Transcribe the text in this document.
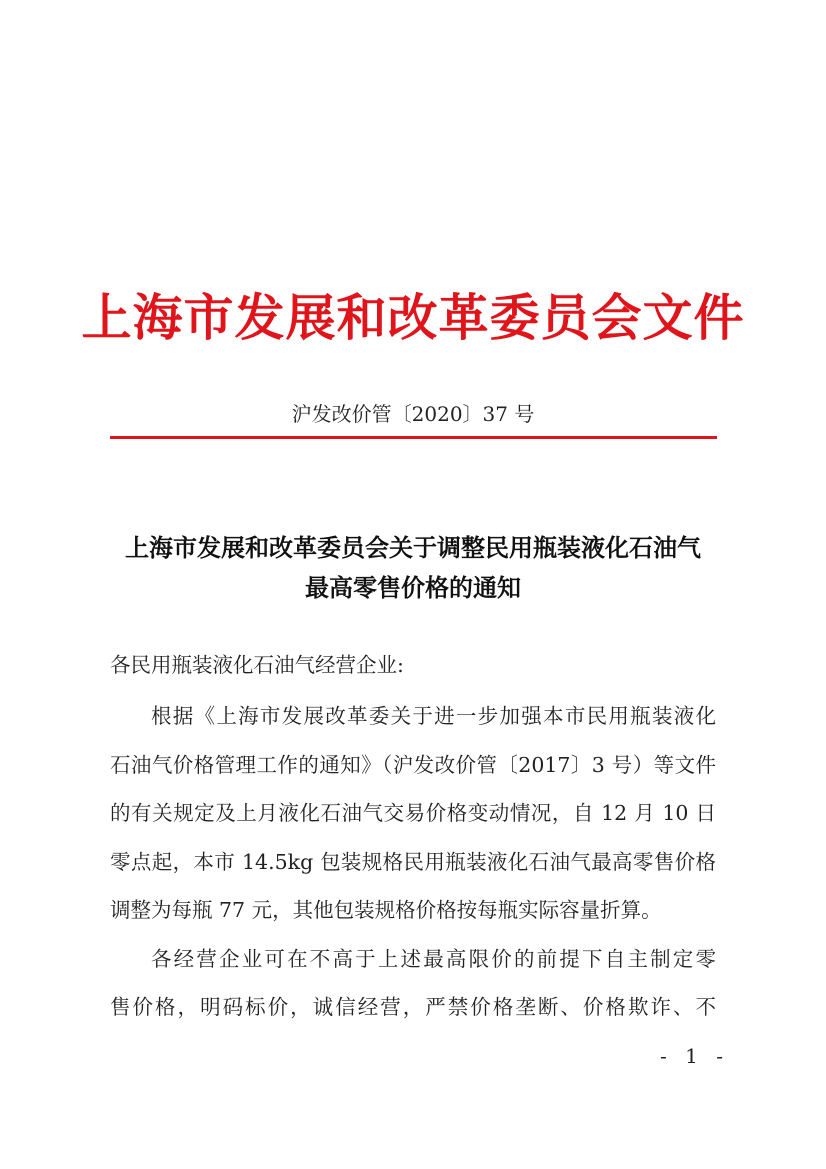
上海市发展和改革委员会文件
沪发改价管〔2020〕37 号
上海市发展和改革委员会关于调整民用瓶装液化石油气
最高零售价格的通知
各民用瓶装液化石油气经营企业:
根据《上海市发展改革委关于进一步加强本市民用瓶装液化
石油气价格管理工作的通知》（沪发改价管〔2017〕3 号）等文件
的有关规定及上月液化石油气交易价格变动情况，自 12 月 10 日
零点起，本市 14.5kg 包装规格民用瓶装液化石油气最高零售价格
调整为每瓶 77 元，其他包装规格价格按每瓶实际容量折算。
各经营企业可在不高于上述最高限价的前提下自主制定零
售价格，明码标价，诚信经营，严禁价格垄断、价格欺诈、不
- 1 -
